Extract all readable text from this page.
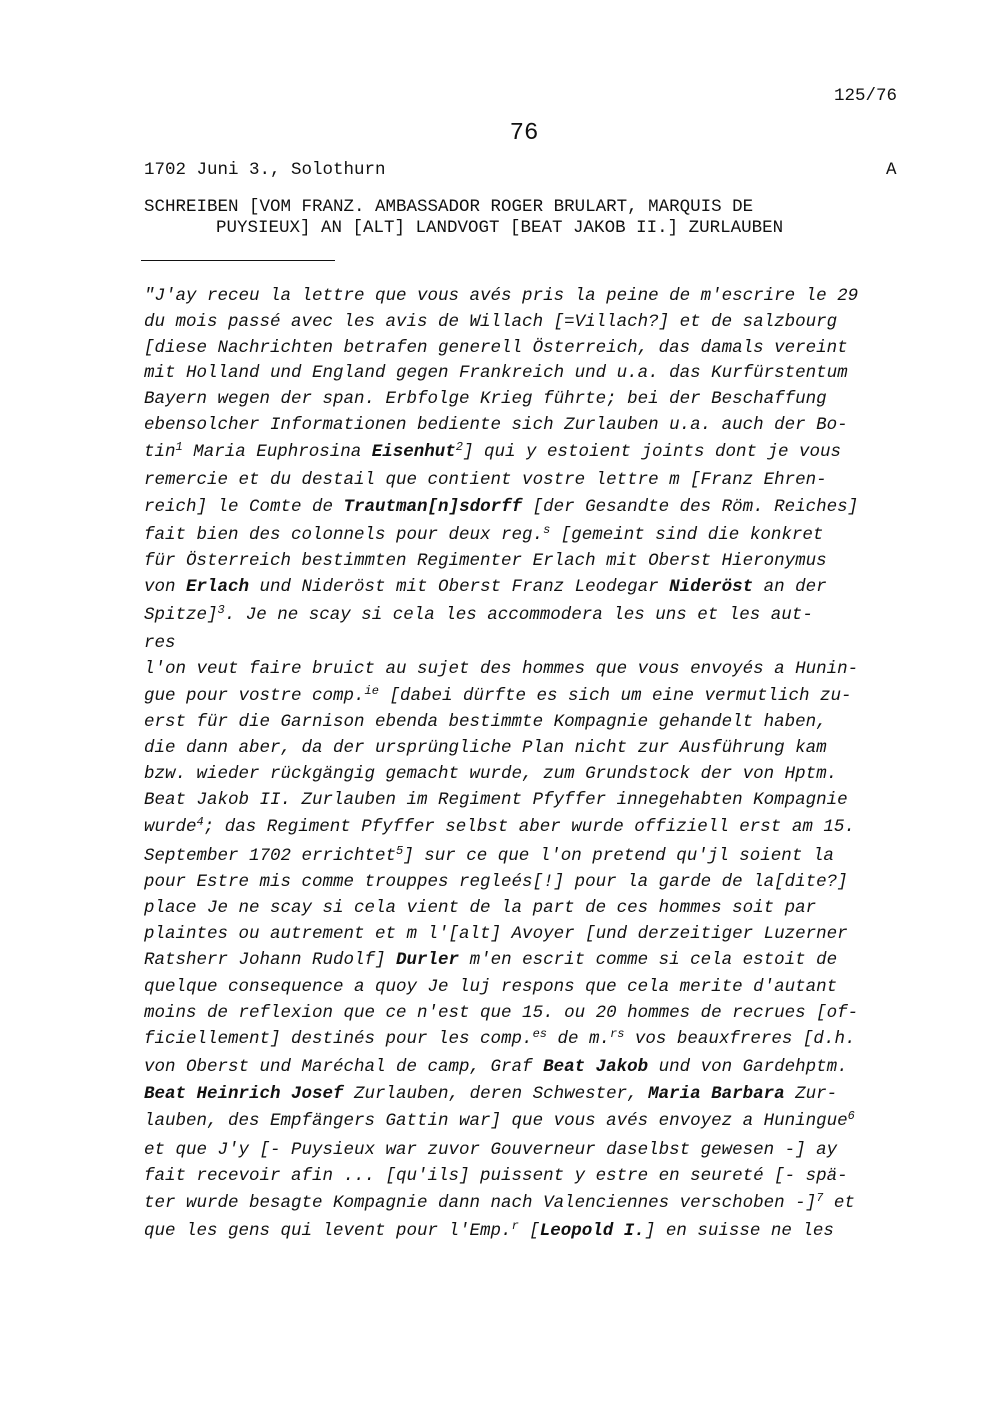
125/76
76
1702 Juni 3., Solothurn	A
SCHREIBEN [VOM FRANZ. AMBASSADOR ROGER BRULART, MARQUIS DE
PUYSIEUX] AN [ALT] LANDVOGT [BEAT JAKOB II.] ZURLAUBEN
"J'ay receu la lettre que vous avés pris la peine de m'escrire le 29
du mois passé avec les avis de Willach [=Villach?] et de salzbourg
[diese Nachrichten betrafen generell Österreich, das damals vereint
mit Holland und England gegen Frankreich und u.a. das Kurfürstentum
Bayern wegen der span. Erbfolge Krieg führte; bei der Beschaffung
ebensolcher Informationen bediente sich Zurlauben u.a. auch der Bo-
tin$^1$ Maria Euphrosina Eisenhut$^2$] qui y estoient joints dont je vous
remercie et du destail que contient vostre lettre m [Franz Ehren-
reich] le Comte de Trautman[n]sdorff [der Gesandte des Röm. Reiches]
fait bien des colonnels pour deux reg.$^s$ [gemeint sind die konkret
für Österreich bestimmten Regimenter Erlach mit Oberst Hieronymus
von Erlach und Nideröst mit Oberst Franz Leodegar Nideröst an der
Spitze]$^3$. Je ne scay si cela les accommodera les uns et les aut-
res
l'on veut faire bruict au sujet des hommes que vous envoyés a Hunin-
gue pour vostre comp.$^{ie}$ [dabei dürfte es sich um eine vermutlich zu-
erst für die Garnison ebenda bestimmte Kompagnie gehandelt haben,
die dann aber, da der ursprüngliche Plan nicht zur Ausführung kam
bzw. wieder rückgängig gemacht wurde, zum Grundstock der von Hptm.
Beat Jakob II. Zurlauben im Regiment Pfyffer innegehabten Kompagnie
wurde$^4$; das Regiment Pfyffer selbst aber wurde offiziell erst am 15.
September 1702 errichtet$^5$] sur ce que l'on pretend qu'jl soient la
pour Estre mis comme trouppes regleés[!] pour la garde de la[dite?]
place Je ne scay si cela vient de la part de ces hommes soit par
plaintes ou autrement et m l'[alt] Avoyer [und derzeitiger Luzerner
Ratsherr Johann Rudolf] Durler m'en escrit comme si cela estoit de
quelque consequence a quoy Je luj respons que cela merite d'autant
moins de reflexion que ce n'est que 15. ou 20 hommes de recrues [of-
ficiellement] destinés pour les comp.$^{es}$ de m.$^{rs}$ vos beauxfreres [d.h.
von Oberst und Maréchal de camp, Graf Beat Jakob und von Gardehptm.
Beat Heinrich Josef Zurlauben, deren Schwester, Maria Barbara Zur-
lauben, des Empfängers Gattin war] que vous avés envoyez a Huningue$^6$
et que J'y [- Puysieux war zuvor Gouverneur daselbst gewesen -] ay
fait recevoir afin ... [qu'ils] puissent y estre en seureté [- spä-
ter wurde besagte Kompagnie dann nach Valenciennes verschoben -]$^7$ et
que les gens qui levent pour l'Emp.$^r$ [Leopold I.] en suisse ne les
